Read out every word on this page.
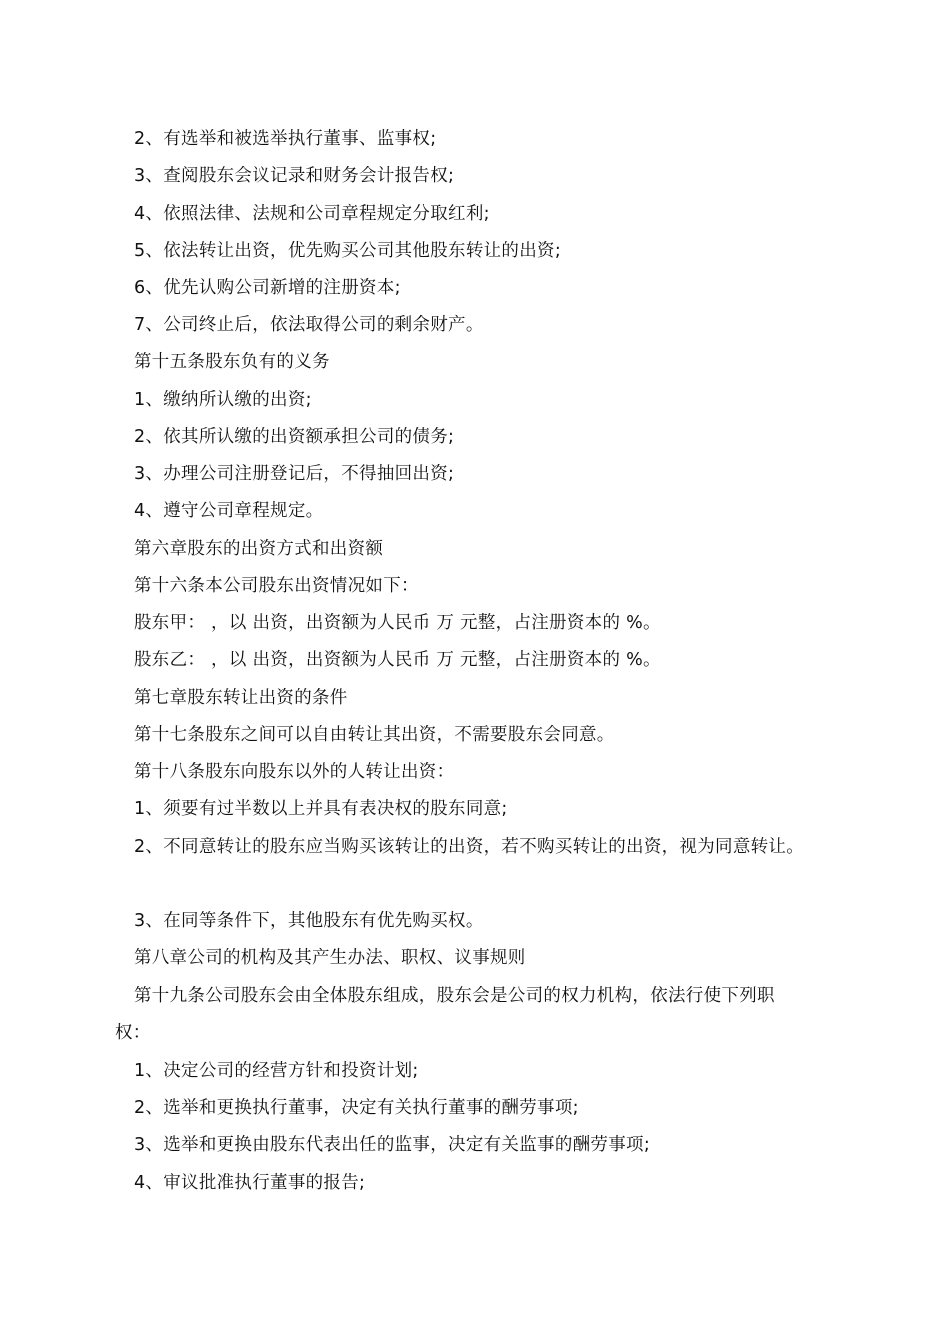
2、有选举和被选举执行董事、监事权;
3、查阅股东会议记录和财务会计报告权;
4、依照法律、法规和公司章程规定分取红利;
5、依法转让出资，优先购买公司其他股东转让的出资;
6、优先认购公司新增的注册资本;
7、公司终止后，依法取得公司的剩余财产。
第十五条股东负有的义务
1、缴纳所认缴的出资;
2、依其所认缴的出资额承担公司的债务;
3、办理公司注册登记后，不得抽回出资;
4、遵守公司章程规定。
第六章股东的出资方式和出资额
第十六条本公司股东出资情况如下：
股东甲： ，以 出资，出资额为人民币 万 元整，占注册资本的 %。
股东乙： ，以 出资，出资额为人民币 万 元整，占注册资本的 %。
第七章股东转让出资的条件
第十七条股东之间可以自由转让其出资，不需要股东会同意。
第十八条股东向股东以外的人转让出资：
1、须要有过半数以上并具有表决权的股东同意;
2、不同意转让的股东应当购买该转让的出资，若不购买转让的出资，视为同意转让。
3、在同等条件下，其他股东有优先购买权。
第八章公司的机构及其产生办法、职权、议事规则
第十九条公司股东会由全体股东组成，股东会是公司的权力机构，依法行使下列职
权：
1、决定公司的经营方针和投资计划;
2、选举和更换执行董事，决定有关执行董事的酬劳事项;
3、选举和更换由股东代表出任的监事，决定有关监事的酬劳事项;
4、审议批准执行董事的报告;
